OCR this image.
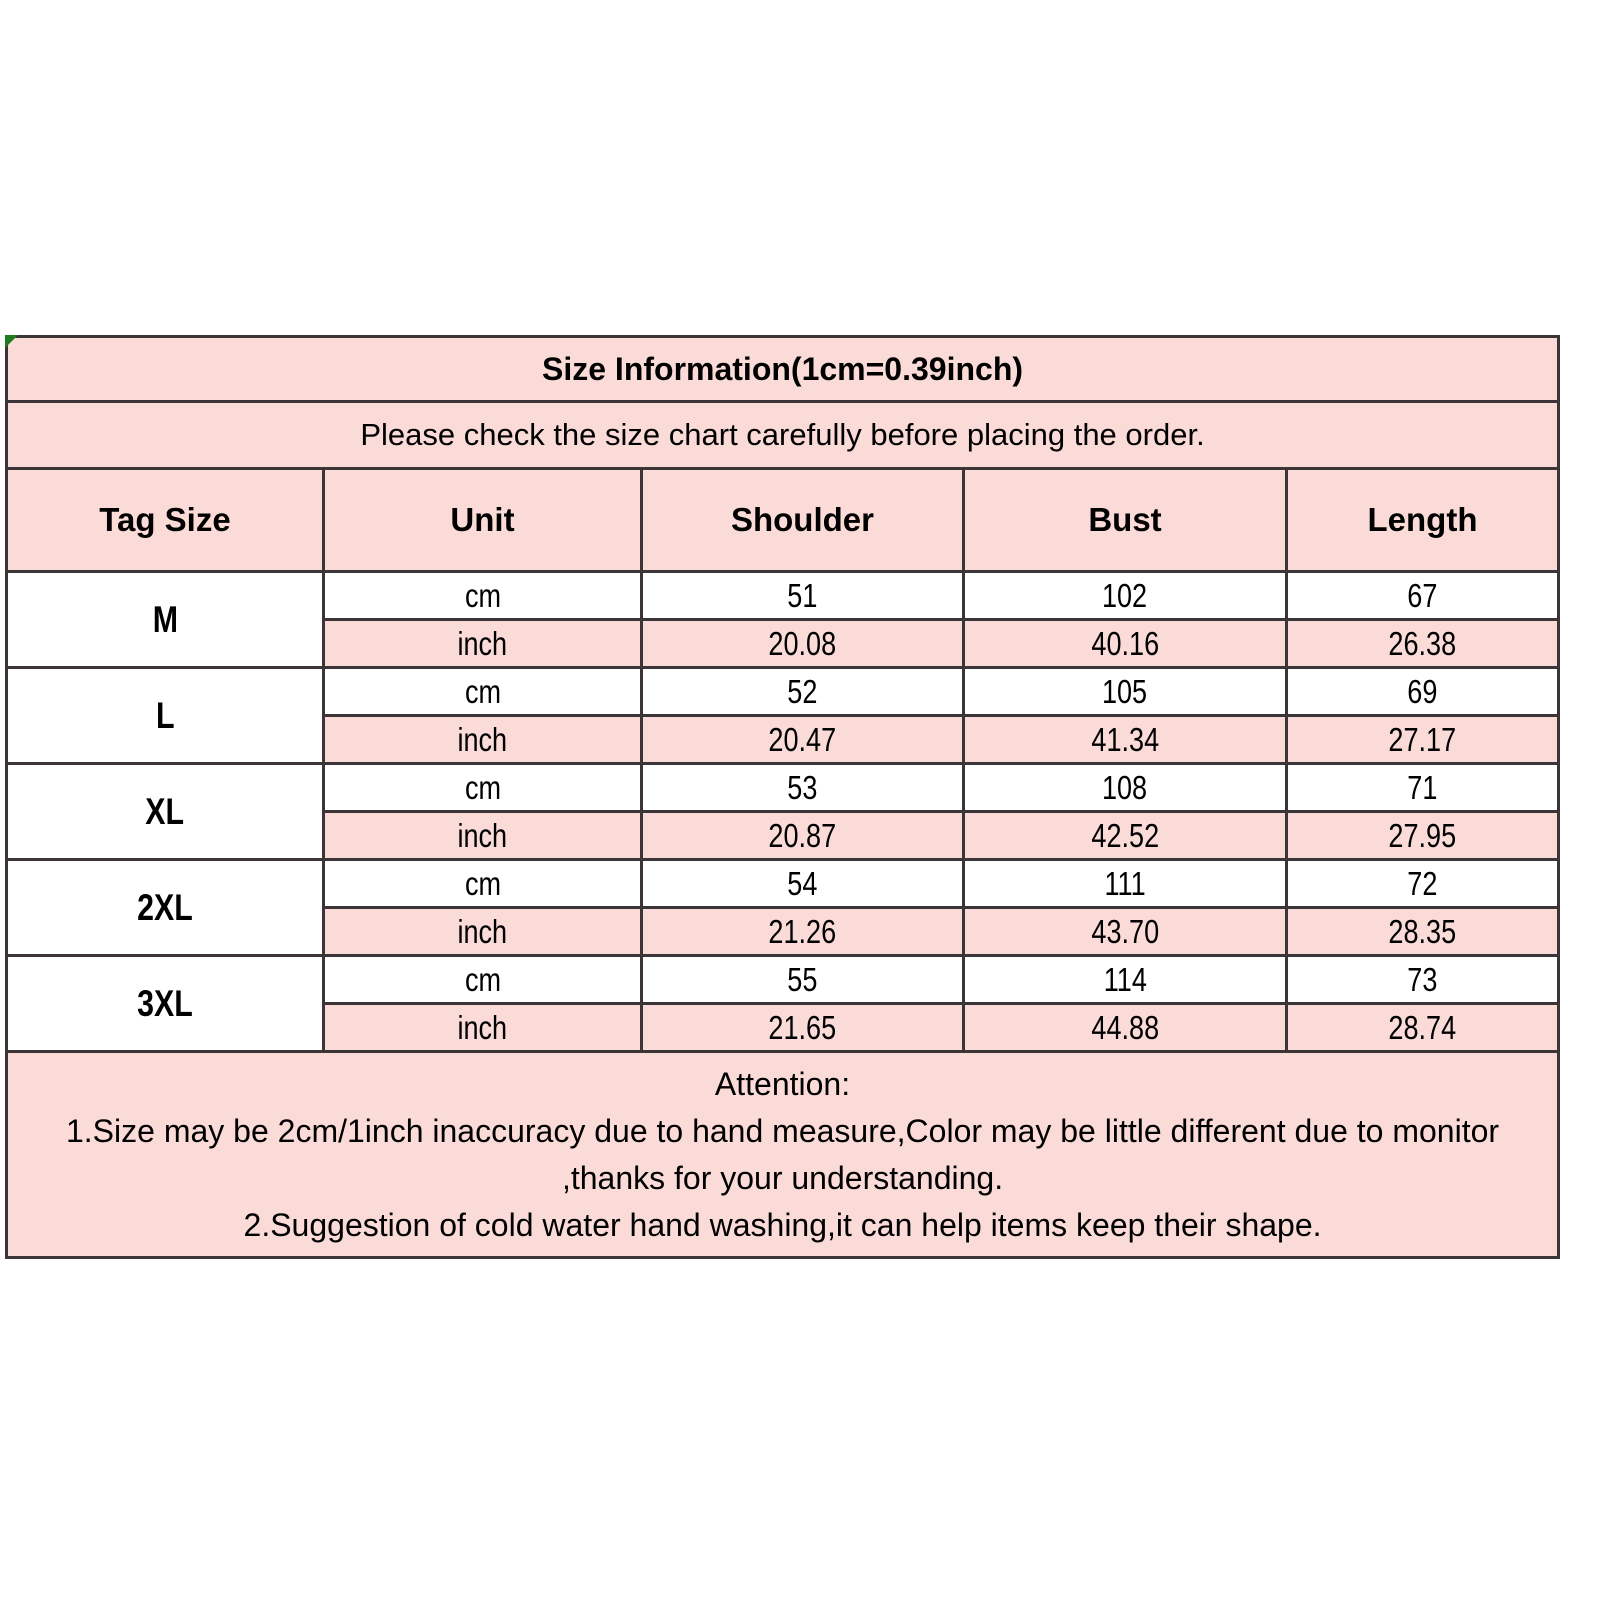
Size Information(1cm=0.39inch)				
Please check the size chart carefully before placing the order.				
Tag Size	Unit	Shoulder	Bust	Length
M	cm	51	102	67
	inch	20.08	40.16	26.38
L	cm	52	105	69
	inch	20.47	41.34	27.17
XL	cm	53	108	71
	inch	20.87	42.52	27.95
2XL	cm	54	111	72
	inch	21.26	43.70	28.35
3XL	cm	55	114	73
	inch	21.65	44.88	28.74

Attention:
1.Size may be 2cm/1inch inaccuracy due to hand measure,Color may be little different due to monitor
,thanks for your understanding.
2.Suggestion of cold water hand washing,it can help items keep their shape.				
